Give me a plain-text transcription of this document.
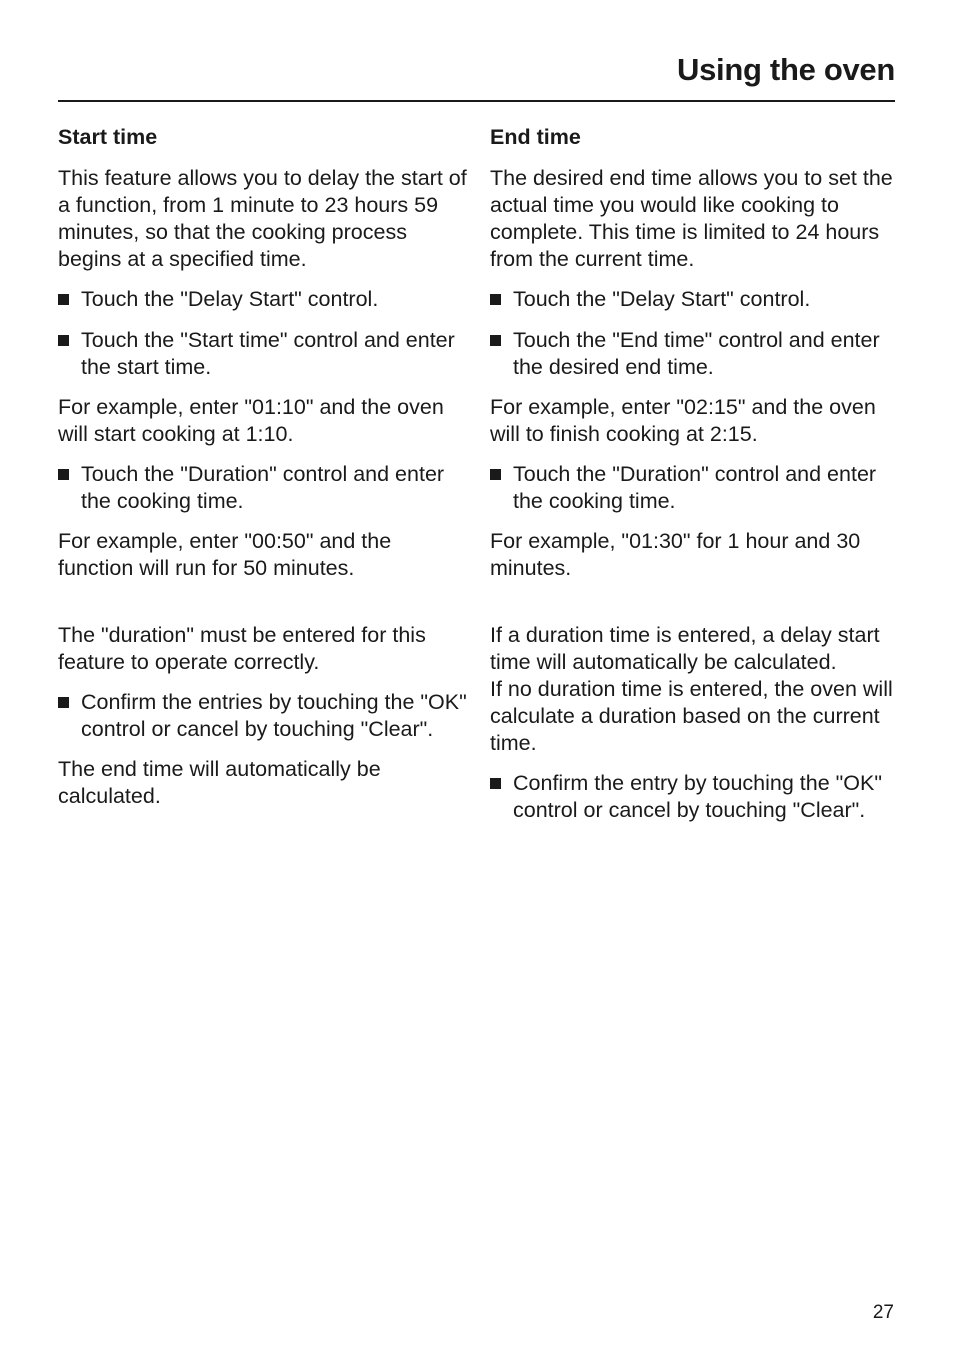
Using the oven
Start time

This feature allows you to delay the start of a function, from 1 minute to 23 hours 59 minutes, so that the cooking process begins at a specified time.

Touch the "Delay Start" control.
Touch the "Start time" control and enter the start time.

For example, enter "01:10" and the oven will start cooking at 1:10.

Touch the "Duration" control and enter the cooking time.

For example, enter "00:50" and the function will run for 50 minutes.

The "duration" must be entered for this feature to operate correctly.

Confirm the entries by touching the "OK" control or cancel by touching "Clear".

The end time will automatically be calculated.

End time

The desired end time allows you to set the actual time you would like cooking to complete. This time is limited to 24 hours from the current time.

Touch the "Delay Start" control.
Touch the "End time" control and enter the desired end time.

For example, enter "02:15" and the oven will to finish cooking at 2:15.

Touch the "Duration" control and enter the cooking time.

For example, "01:30" for 1 hour and 30 minutes.

If a duration time is entered, a delay start time will automatically be calculated.

If no duration time is entered, the oven will calculate a duration based on the current time.

Confirm the entry by touching the "OK" control or cancel by touching "Clear".
27
